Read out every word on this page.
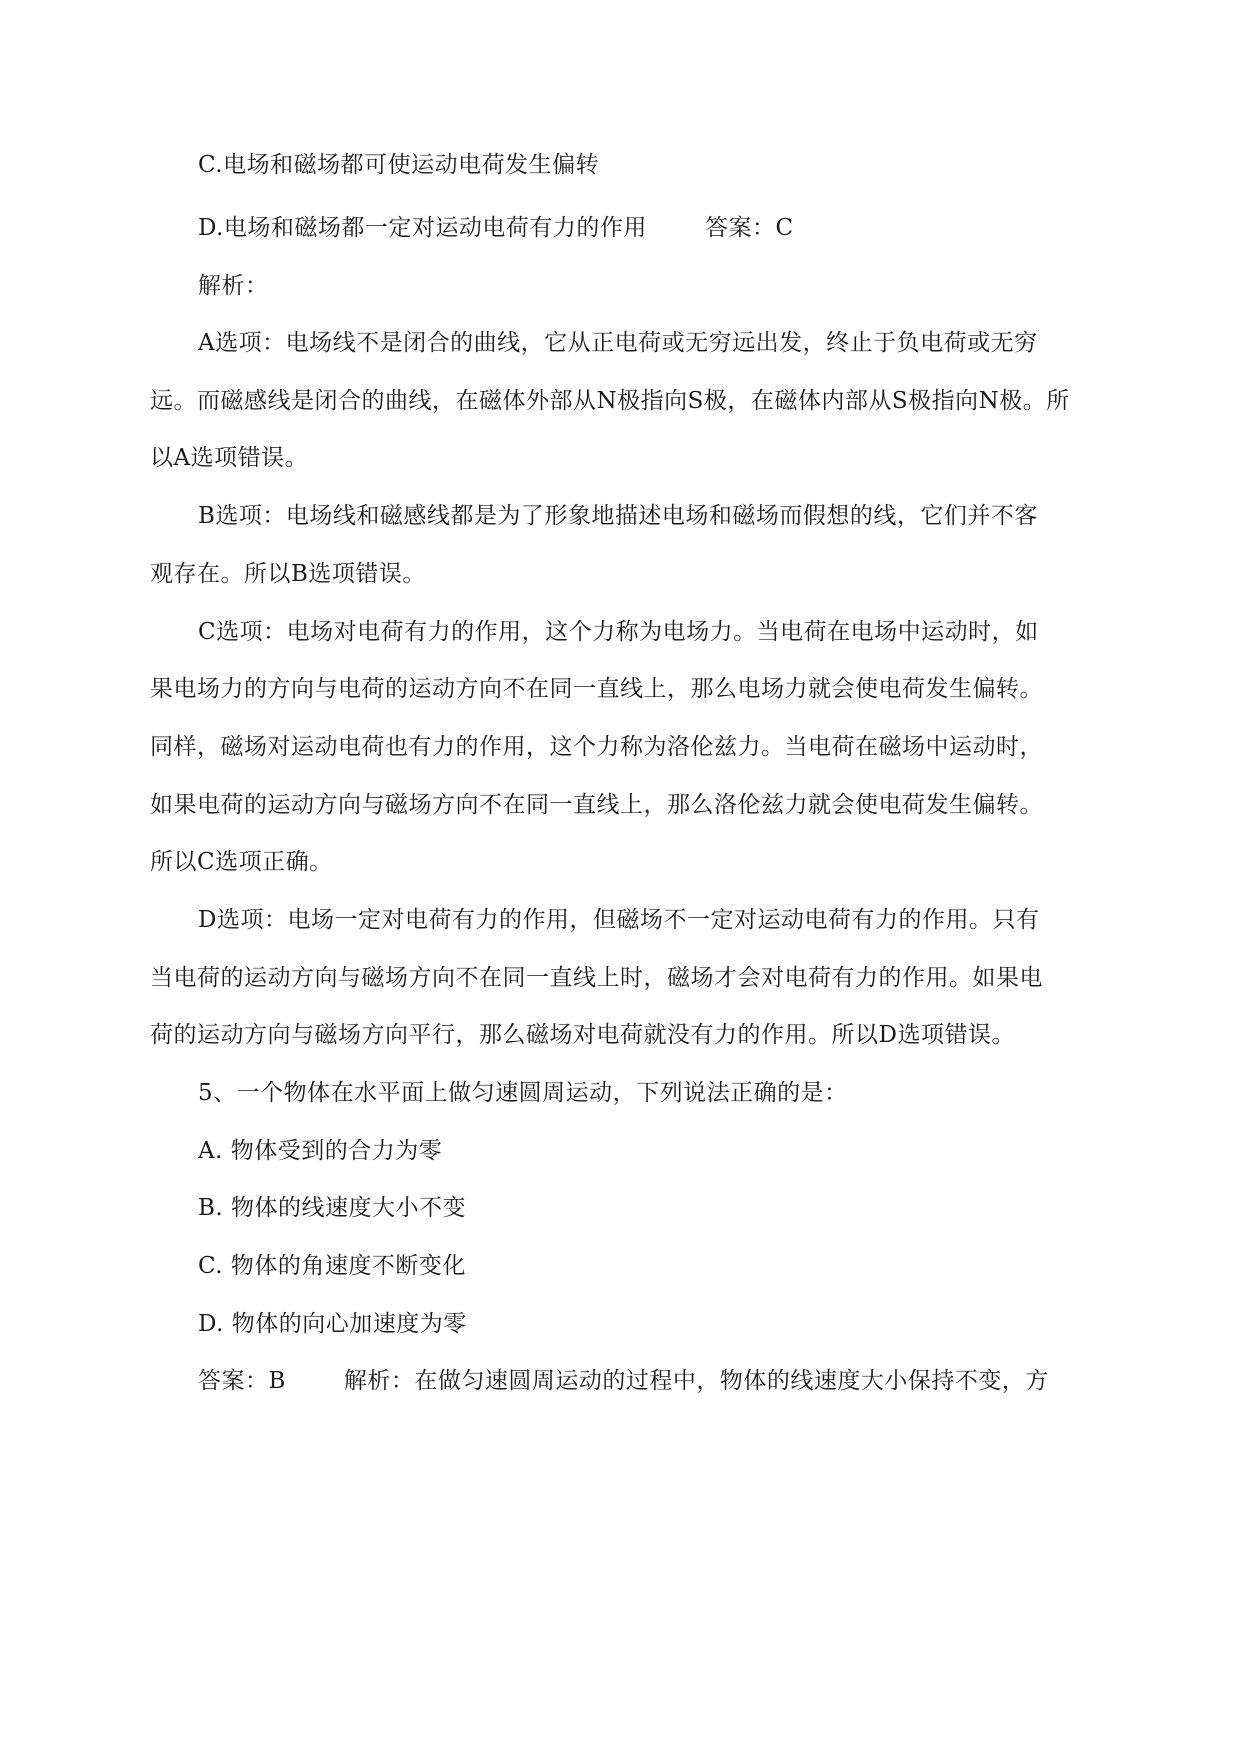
C.电场和磁场都可使运动电荷发生偏转
D.电场和磁场都一定对运动电荷有力的作用	答案：C
解析：
A选项：电场线不是闭合的曲线，它从正电荷或无穷远出发，终止于负电荷或无穷
远。而磁感线是闭合的曲线，在磁体外部从N极指向S极，在磁体内部从S极指向N极。所
以A选项错误。
B选项：电场线和磁感线都是为了形象地描述电场和磁场而假想的线，它们并不客
观存在。所以B选项错误。
C选项：电场对电荷有力的作用，这个力称为电场力。当电荷在电场中运动时，如
果电场力的方向与电荷的运动方向不在同一直线上，那么电场力就会使电荷发生偏转。
同样，磁场对运动电荷也有力的作用，这个力称为洛伦兹力。当电荷在磁场中运动时，
如果电荷的运动方向与磁场方向不在同一直线上，那么洛伦兹力就会使电荷发生偏转。
所以C选项正确。
D选项：电场一定对电荷有力的作用，但磁场不一定对运动电荷有力的作用。只有
当电荷的运动方向与磁场方向不在同一直线上时，磁场才会对电荷有力的作用。如果电
荷的运动方向与磁场方向平行，那么磁场对电荷就没有力的作用。所以D选项错误。
5、一个物体在水平面上做匀速圆周运动，下列说法正确的是：
A. 物体受到的合力为零
B. 物体的线速度大小不变
C. 物体的角速度不断变化
D. 物体的向心加速度为零
答案：B	解析：在做匀速圆周运动的过程中，物体的线速度大小保持不变，方
